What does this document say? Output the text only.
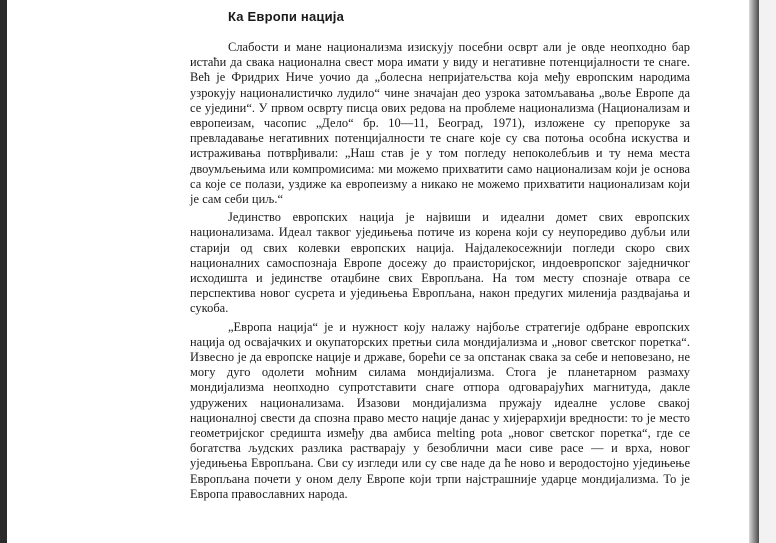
Ка Европи нација

Слабости и мане национализма изискују посебни осврт али је овде неопходно бар истаћи да свака национална свест мора имати у виду и негативне потенцијалности те снаге. Већ је Фридрих Ниче уочио да „болесна непријатељства која међу европским народима узрокују националистичко лудило“ чине значајан део узрока затомљавања „воље Европе да се уједини“. У првом осврту писца ових редова на проблеме национализма (Национализам и европеизам, часопис „Дело“ бр. 10—11, Београд, 1971), изложене су препоруке за превладавање негативних потенцијалности те снаге које су сва потоња особна искуства и истраживања потврђивали: „Наш став је у том погледу непоколебљив и ту нема места двоумљењима или компромисима: ми можемо прихватити само национализам који је основа са које се полази, уздиже ка европеизму а никако не можемо прихватити национализам који је сам себи циљ.“

Јединство европских нација је највиши и идеални домет свих европских национализама. Идеал таквог уједињења потиче из корена који су неупоредиво дубљи или старији од свих колевки европских нација. Најдалекосежнији погледи скоро свих националних самоспознаја Европе досежу до праисторијског, индоевропског заједничког исходишта и јединстве отаџбине свих Европљана. На том месту спознаје отвара се перспектива новог сусрета и уједињења Европљана, након предугих миленија раздвајања и сукоба.

„Европа нација“ је и нужност коју налажу најбоље стратегије одбране европских нација од освајачких и окупаторских претњи сила мондијализма и „новог светског поретка“. Извесно је да европске нације и државе, борећи се за опстанак свака за себе и неповезано, не могу дуго одолети моћним силама мондијализма. Стога је планетарном размаху мондијализма неопходно супротставити снаге отпора одговарајућих магнитуда, дакле удружених национализама. Изазови мондијализма пружају идеалне услове свакој националној свести да спозна право место нације данас у хијерархији вредности: то је место геометријског средишта између два амбиса melting pota „новог светског поретка“, где се богатства људских разлика растварају у безоблични маси сиве расе — и врха, новог уједињења Европљана. Сви су изгледи или су све наде да ће ново и веродостојно уједињење Европљана почети у оном делу Европе који трпи најстрашније ударце мондијализма. То је Европа православних народа.
